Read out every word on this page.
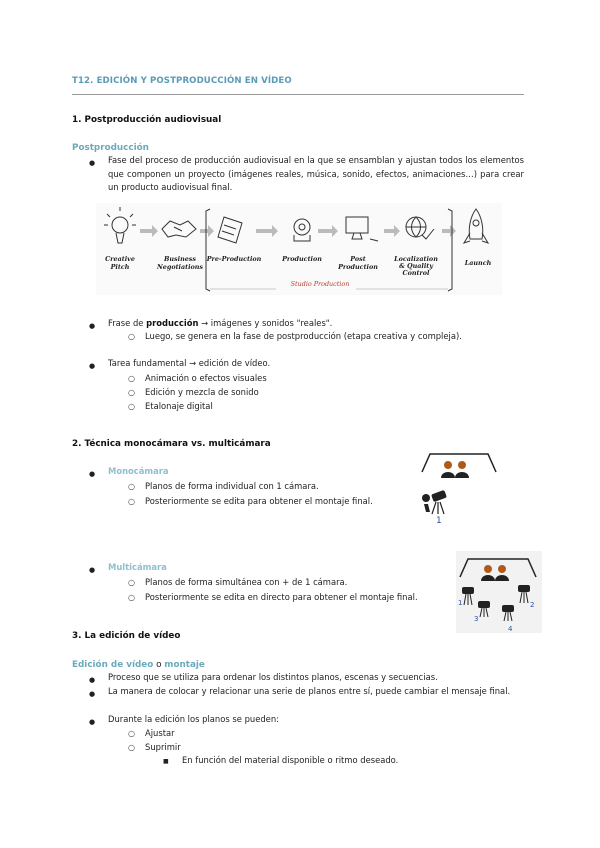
T12. EDICIÓN Y POSTPRODUCCIÓN EN VÍDEO
1. Postproducción audiovisual
Postproducción
● Fase del proceso de producción audiovisual en la que se ensamblan y ajustan todos los elementos que componen un proyecto (imágenes reales, música, sonido, efectos, animaciones…) para crear un producto audiovisual final.
Creative Pitch
Business Negotiations
Pre-Production	Production	Post Production
Localization & Quality Control
Launch
Studio Production
● Frase de producción → imágenes y sonidos "reales".
○ Luego, se genera en la fase de postproducción (etapa creativa y compleja).
● Tarea fundamental → edición de vídeo.
○ Animación o efectos visuales
○ Edición y mezcla de sonido
○ Etalonaje digital
2. Técnica monocámara vs. multicámara
● Monocámara
○ Planos de forma individual con 1 cámara.
○ Posteriormente se edita para obtener el montaje final.
1
● Multicámara
○ Planos de forma simultánea con + de 1 cámara.
○ Posteriormente se edita en directo para obtener el montaje final.
1	2
3
4
3. La edición de vídeo
Edición de vídeo o montaje
● Proceso que se utiliza para ordenar los distintos planos, escenas y secuencias.
● La manera de colocar y relacionar una serie de planos entre sí, puede cambiar el mensaje final.
● Durante la edición los planos se pueden:
○ Ajustar
○ Suprimir
■ En función del material disponible o ritmo deseado.
